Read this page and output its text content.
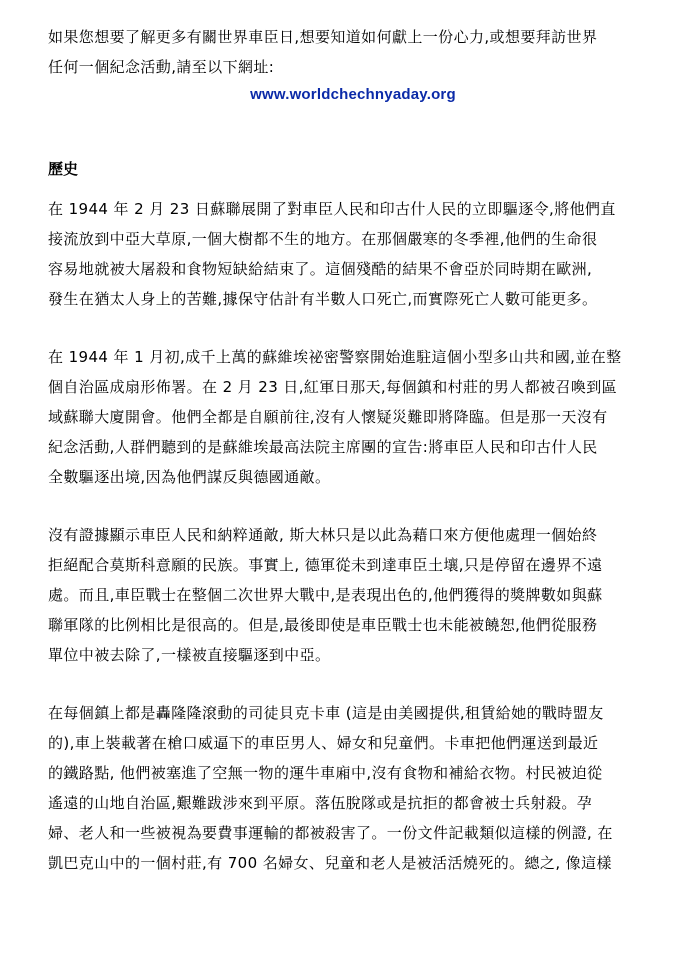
如果您想要了解更多有關世界車臣日,想要知道如何獻上一份心力,或想要拜訪世界

任何一個紀念活動,請至以下網址:

www.worldchechnyaday.org
歷史

在 1944 年 2 月 23 日蘇聯展開了對車臣人民和印古什人民的立即驅逐令,將他們直

接流放到中亞大草原,一個大樹都不生的地方。在那個嚴寒的冬季裡,他們的生命很

容易地就被大屠殺和食物短缺給結束了。這個殘酷的結果不會亞於同時期在歐洲,

發生在猶太人身上的苦難,據保守估計有半數人口死亡,而實際死亡人數可能更多。

在 1944 年 1 月初,成千上萬的蘇維埃祕密警察開始進駐這個小型多山共和國,並在整

個自治區成扇形佈署。在 2 月 23 日,紅軍日那天,每個鎮和村莊的男人都被召喚到區

域蘇聯大廈開會。他們全都是自願前往,沒有人懷疑災難即將降臨。但是那一天沒有

紀念活動,人群們聽到的是蘇維埃最高法院主席團的宣告:將車臣人民和印古什人民

全數驅逐出境,因為他們謀反與德國通敵。

沒有證據顯示車臣人民和納粹通敵, 斯大林只是以此為藉口來方便他處理一個始終

拒絕配合莫斯科意願的民族。事實上, 德軍從未到達車臣土壤,只是停留在邊界不遠

處。而且,車臣戰士在整個二次世界大戰中,是表現出色的,他們獲得的獎牌數如與蘇

聯軍隊的比例相比是很高的。但是,最後即使是車臣戰士也未能被饒恕,他們從服務

單位中被去除了,一樣被直接驅逐到中亞。

在每個鎮上都是轟隆隆滾動的司徒貝克卡車 (這是由美國提供,租賃給她的戰時盟友

的),車上裝載著在槍口威逼下的車臣男人、婦女和兒童們。卡車把他們運送到最近

的鐵路點, 他們被塞進了空無一物的運牛車廂中,沒有食物和補給衣物。村民被迫從

遙遠的山地自治區,艱難跋涉來到平原。落伍脫隊或是抗拒的都會被士兵射殺。孕

婦、老人和一些被視為要費事運輸的都被殺害了。一份文件記載類似這樣的例證, 在

凱巴克山中的一個村莊,有 700 名婦女、兒童和老人是被活活燒死的。總之, 像這樣
